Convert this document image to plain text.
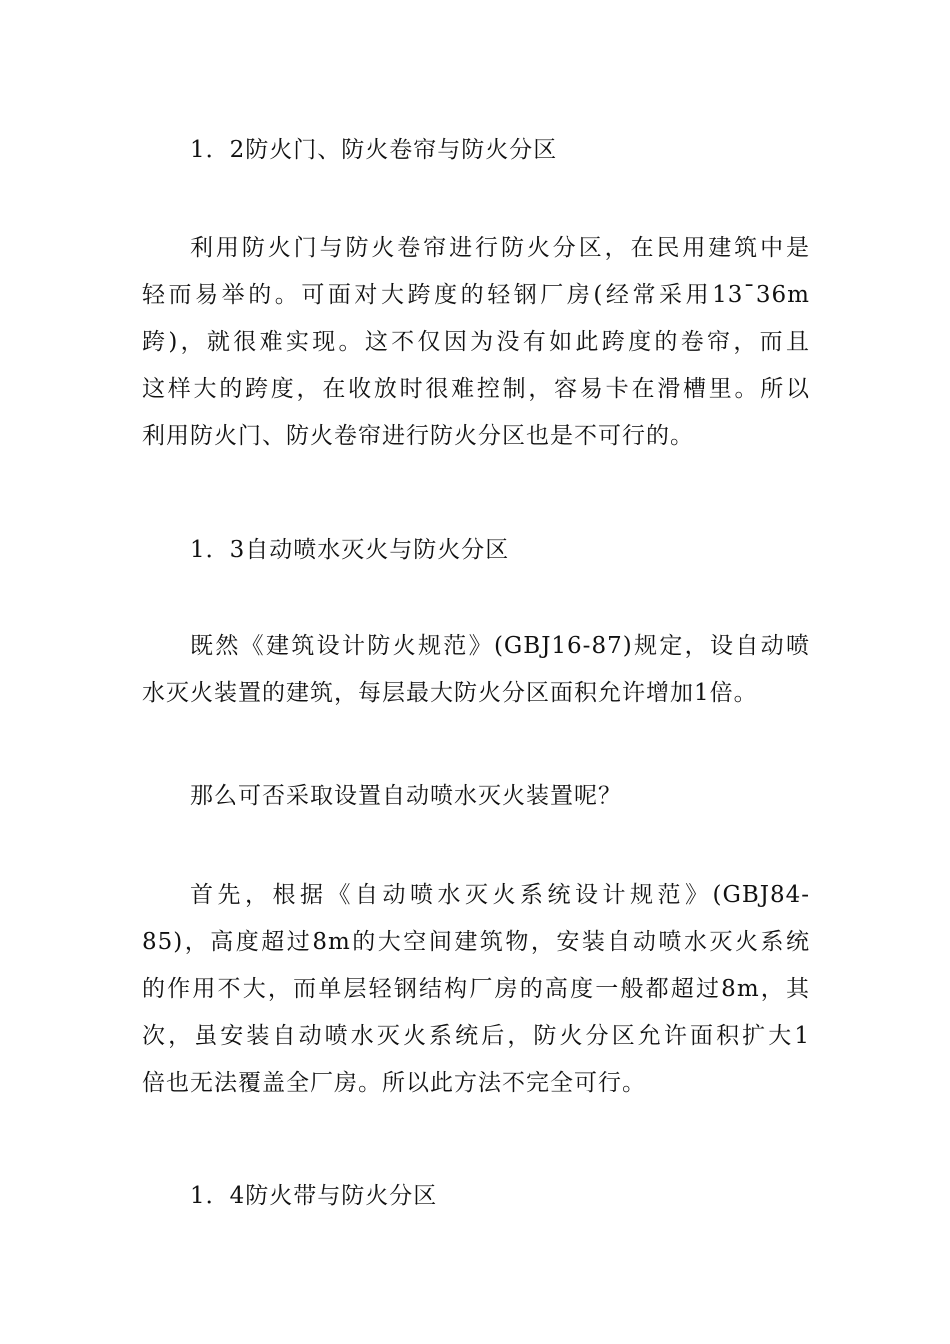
1．2防火门、防火卷帘与防火分区
利用防火门与防火卷帘进行防火分区，在民用建筑中是
轻而易举的。可面对大跨度的轻钢厂房(经常采用13ˉ36m
跨)，就很难实现。这不仅因为没有如此跨度的卷帘，而且
这样大的跨度，在收放时很难控制，容易卡在滑槽里。所以
利用防火门、防火卷帘进行防火分区也是不可行的。
1．3自动喷水灭火与防火分区
既然《建筑设计防火规范》(GBJ16-87)规定，设自动喷
水灭火装置的建筑，每层最大防火分区面积允许增加1倍。
那么可否采取设置自动喷水灭火装置呢？
首先，根据《自动喷水灭火系统设计规范》(GBJ84-
85)，高度超过8m的大空间建筑物，安装自动喷水灭火系统
的作用不大，而单层轻钢结构厂房的高度一般都超过8m，其
次，虽安装自动喷水灭火系统后，防火分区允许面积扩大1
倍也无法覆盖全厂房。所以此方法不完全可行。
1．4防火带与防火分区
